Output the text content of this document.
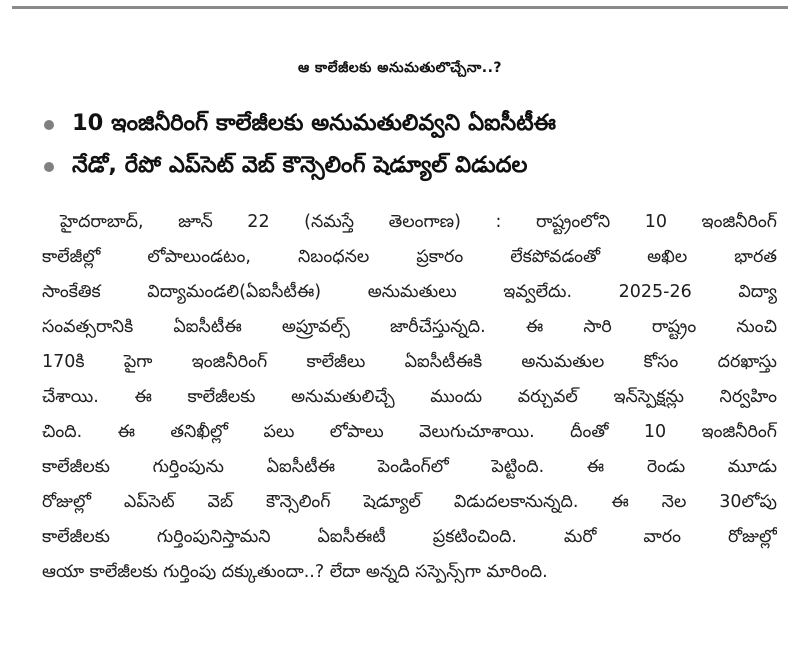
ఆ కాలేజీలకు అనుమతులొచ్చేనా..?
10 ఇంజినీరింగ్ కాలేజీలకు అనుమతులివ్వని ఏఐసీటీఈ
నేడో, రేపో ఎప్‌సెట్ వెబ్ కౌన్సెలింగ్ షెడ్యూల్ విడుదల
హైదరాబాద్, జూన్ 22 (నమస్తే తెలంగాణ) : రాష్ట్రంలోని 10 ఇంజినీరింగ్
కాలేజీల్లో లోపాలుండటం, నిబంధనల ప్రకారం లేకపోవడంతో అఖిల భారత
సాంకేతిక విద్యామండలి(ఏఐసీటీఈ) అనుమతులు ఇవ్వలేదు. 2025-26 విద్యా
సంవత్సరానికి ఏఐసీటీఈ అప్రూవల్స్ జారీచేస్తున్నది. ఈ సారి రాష్ట్రం నుంచి
170కి పైగా ఇంజినీరింగ్ కాలేజీలు ఏఐసీటీఈకి అనుమతుల కోసం దరఖాస్తు
చేశాయి. ఈ కాలేజీలకు అనుమతులిచ్చే ముందు వర్చువల్ ఇన్‌స్పెక్షన్లు నిర్వహిం
చింది. ఈ తనిఖీల్లో పలు లోపాలు వెలుగుచూశాయి. దీంతో 10 ఇంజినీరింగ్
కాలేజీలకు గుర్తింపును ఏఐసీటీఈ పెండింగ్‌లో పెట్టింది. ఈ రెండు మూడు
రోజుల్లో ఎప్‌సెట్ వెబ్ కౌన్సెలింగ్ షెడ్యూల్ విడుదలకానున్నది. ఈ నెల 30లోపు
కాలేజీలకు గుర్తింపునిస్తామని ఏఐసీఈటీ ప్రకటించింది. మరో వారం రోజుల్లో
ఆయా కాలేజీలకు గుర్తింపు దక్కుతుందా..? లేదా అన్నది సస్పెన్స్‌గా మారింది.
